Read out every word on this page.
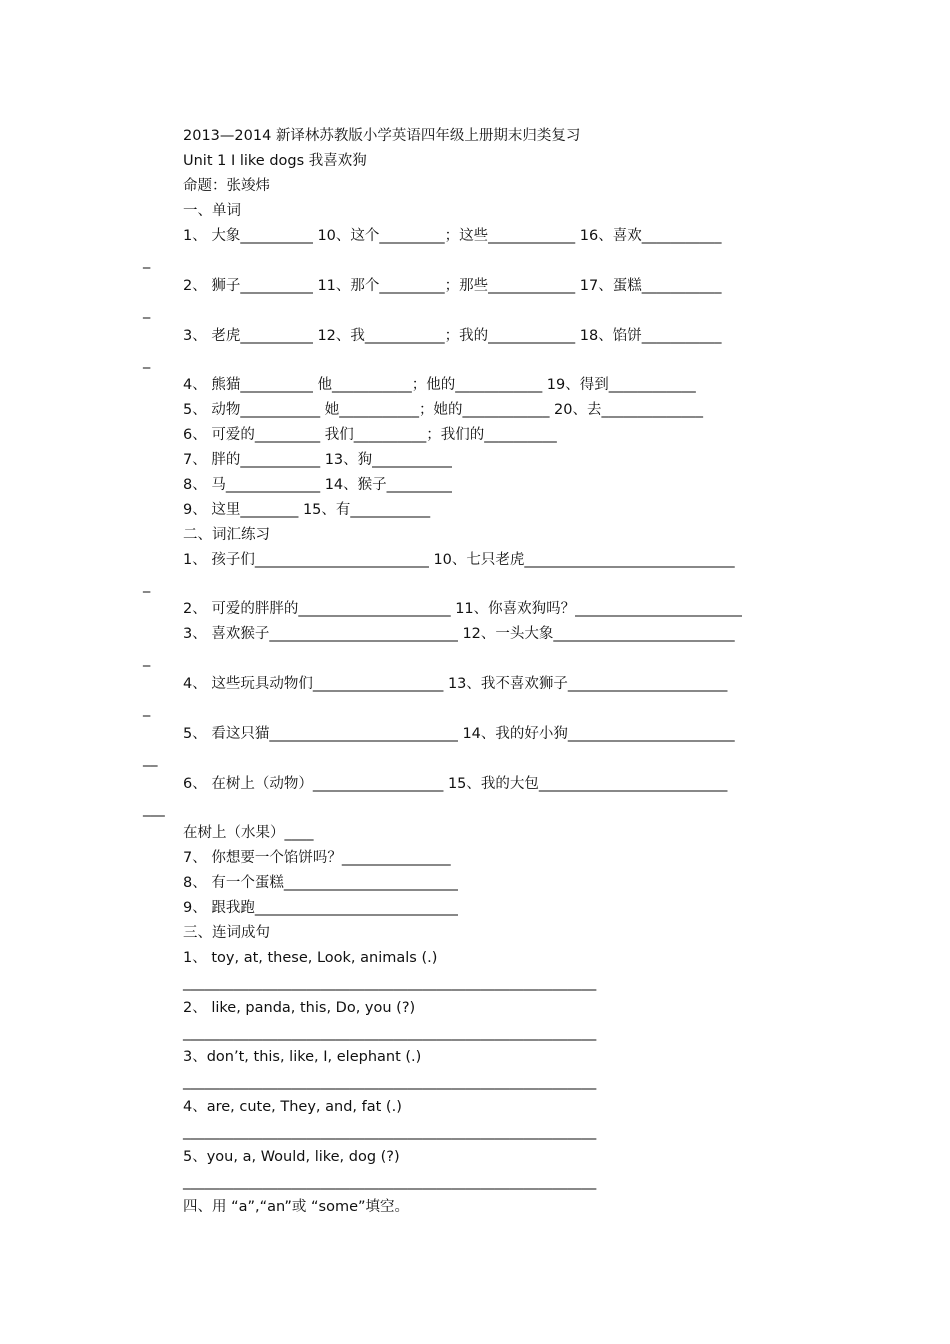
2013—2014 新译林苏教版小学英语四年级上册期末归类复习
Unit 1 I like dogs 我喜欢狗
命题：张竣炜
一、单词
1、 大象__________ 10、这个_________；这些____________ 16、喜欢___________
_
2、 狮子__________ 11、那个_________；那些____________ 17、蛋糕___________
_
3、 老虎__________ 12、我___________；我的____________ 18、馅饼___________
_
4、 熊猫__________ 他___________；他的____________ 19、得到____________
5、 动物___________ 她___________；她的____________ 20、去______________
6、 可爱的_________ 我们__________；我们的__________
7、 胖的___________ 13、狗___________
8、 马_____________ 14、猴子_________
9、 这里________ 15、有___________
二、词汇练习
1、 孩子们________________________ 10、七只老虎_____________________________
_
2、 可爱的胖胖的_____________________ 11、你喜欢狗吗？_______________________
3、 喜欢猴子__________________________ 12、一头大象_________________________
_
4、 这些玩具动物们__________________ 13、我不喜欢狮子______________________
_
5、 看这只猫__________________________ 14、我的好小狗_______________________
__
6、 在树上（动物）__________________ 15、我的大包__________________________
___
在树上（水果）____
7、 你想要一个馅饼吗？_______________
8、 有一个蛋糕________________________
9、 跟我跑____________________________
三、连词成句
1、 toy, at, these, Look, animals (.)
_________________________________________________________
2、 like, panda, this, Do, you (?)
_________________________________________________________
3、don’t, this, like, I, elephant (.)
_________________________________________________________
4、are, cute, They, and, fat (.)
_________________________________________________________
5、you, a, Would, like, dog (?)
_________________________________________________________
四、用 “a”,“an”或 “some”填空。
